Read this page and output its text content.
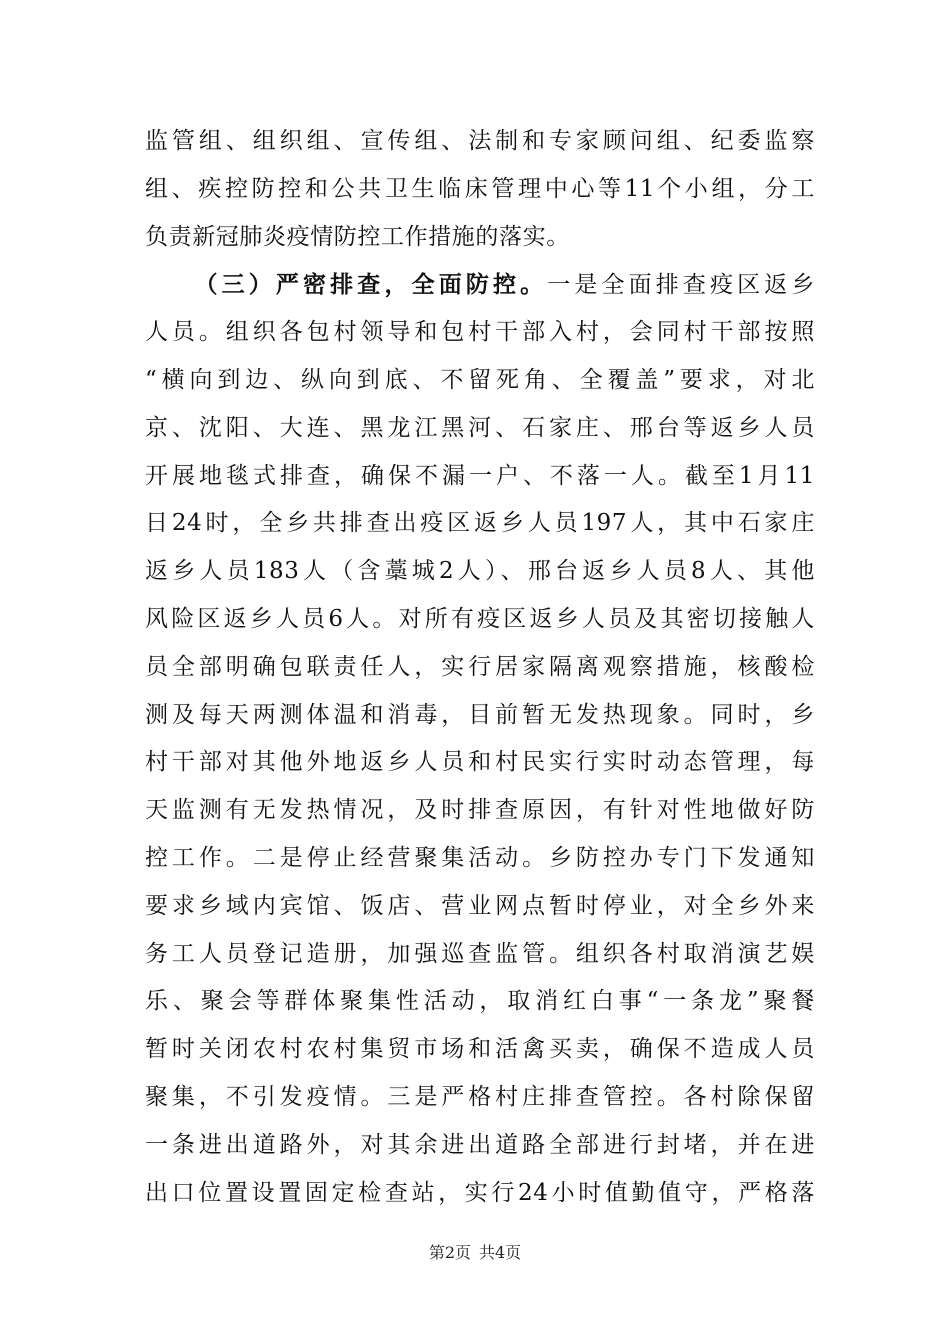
监管组、组织组、宣传组、法制和专家顾问组、纪委监察
组、疾控防控和公共卫生临床管理中心等11个小组，分工
负责新冠肺炎疫情防控工作措施的落实。
（三）严密排查，全面防控。一是全面排查疫区返乡
人员。组织各包村领导和包村干部入村，会同村干部按照
“横向到边、纵向到底、不留死角、全覆盖”要求，对北
京、沈阳、大连、黑龙江黑河、石家庄、邢台等返乡人员
开展地毯式排查，确保不漏一户、不落一人。截至1月11
日24时，全乡共排查出疫区返乡人员197人，其中石家庄
返乡人员183人（含藁城2人）、邢台返乡人员8人、其他
风险区返乡人员6人。对所有疫区返乡人员及其密切接触人
员全部明确包联责任人，实行居家隔离观察措施，核酸检
测及每天两测体温和消毒，目前暂无发热现象。同时，乡
村干部对其他外地返乡人员和村民实行实时动态管理，每
天监测有无发热情况，及时排查原因，有针对性地做好防
控工作。二是停止经营聚集活动。乡防控办专门下发通知
要求乡域内宾馆、饭店、营业网点暂时停业，对全乡外来
务工人员登记造册，加强巡查监管。组织各村取消演艺娱
乐、聚会等群体聚集性活动，取消红白事“一条龙”聚餐
暂时关闭农村农村集贸市场和活禽买卖，确保不造成人员
聚集，不引发疫情。三是严格村庄排查管控。各村除保留
一条进出道路外，对其余进出道路全部进行封堵，并在进
出口位置设置固定检查站，实行24小时值勤值守，严格落
第2页 共4页
